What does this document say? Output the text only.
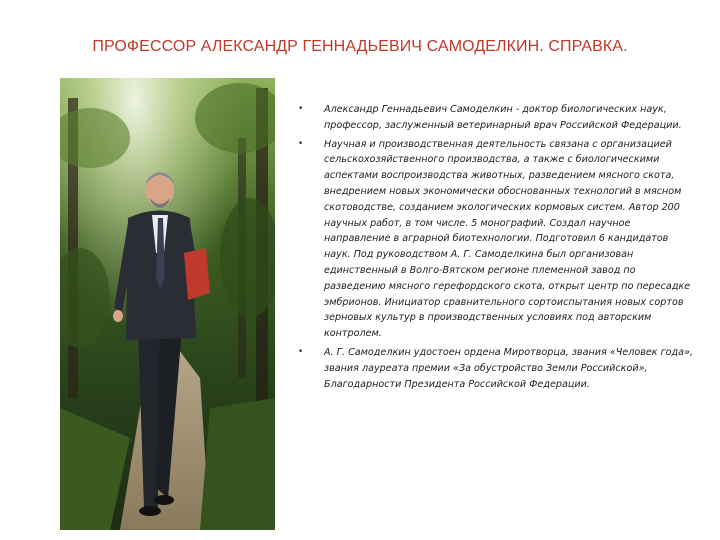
ПРОФЕССОР АЛЕКСАНДР ГЕННАДЬЕВИЧ САМОДЕЛКИН. СПРАВКА.
• Александр Геннадьевич Самоделкин - доктор биологических наук, профессор, заслуженный ветеринарный врач Российской Федерации.
• Научная и производственная деятельность связана с организацией сельскохозяйственного производства, а также с биологическими аспектами воспроизводства животных, разведением мясного скота, внедрением новых экономически обоснованных технологий в мясном скотоводстве, созданием экологических кормовых систем. Автор 200 научных работ, в том числе. 5 монографий. Создал научное направление в аграрной биотехнологии. Подготовил 6 кандидатов наук. Под руководством А. Г. Самоделкина был организован единственный в Волго-Вятском регионе племенной завод по разведению мясного герефордского скота, открыт центр по пересадке эмбрионов. Инициатор сравнительного сортоиспытания новых сортов зерновых культур в производственных условиях под авторским контролем.
• А. Г. Самоделкин удостоен ордена Миротворца, звания «Человек года», звания лауреата премии «За обустройство Земли Российской», Благодарности Президента Российской Федерации.
